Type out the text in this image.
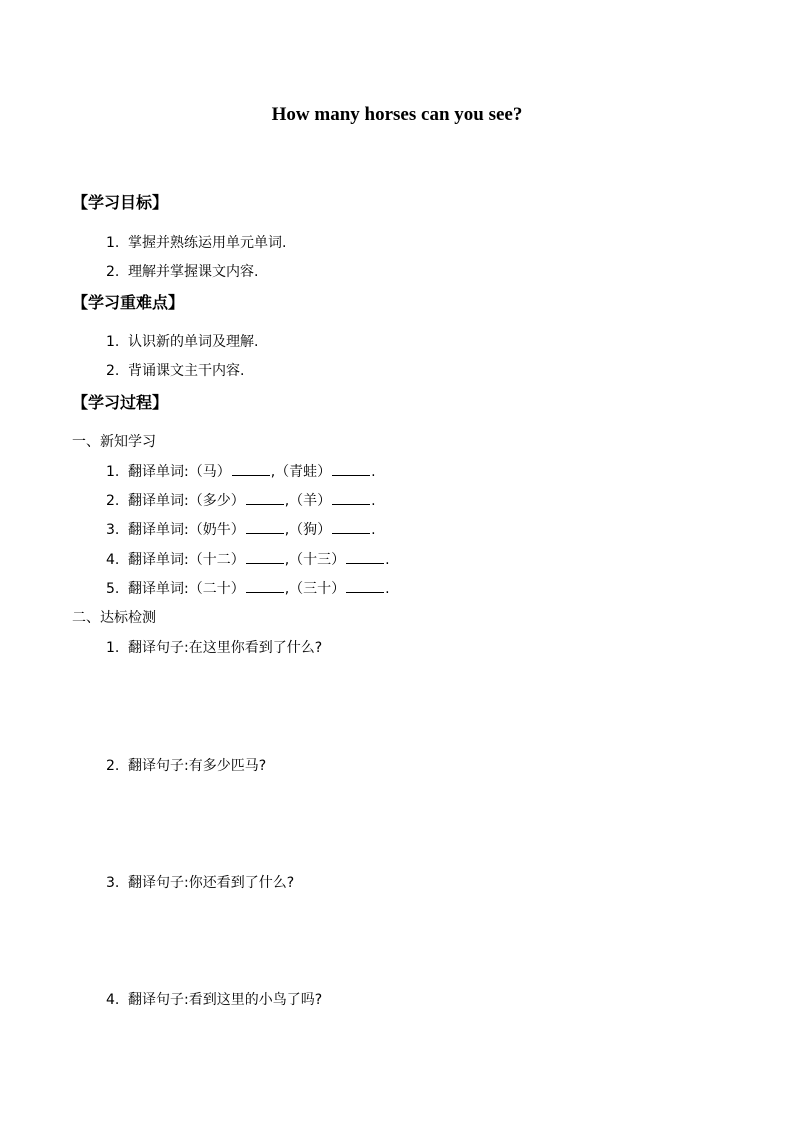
How many horses can you see?
【学习目标】
1. 掌握并熟练运用单元单词.
2. 理解并掌握课文内容.
【学习重难点】
1. 认识新的单词及理解.
2. 背诵课文主干内容.
【学习过程】
一、新知学习
1. 翻译单词:（马）	,（青蛙）	.
2. 翻译单词:（多少）	,（羊）	.
3. 翻译单词:（奶牛）	,（狗）	.
4. 翻译单词:（十二）	,（十三）	.
5. 翻译单词:（二十）	,（三十）	.
二、达标检测
1. 翻译句子:在这里你看到了什么?
2. 翻译句子:有多少匹马?
3. 翻译句子:你还看到了什么?
4. 翻译句子:看到这里的小鸟了吗?
